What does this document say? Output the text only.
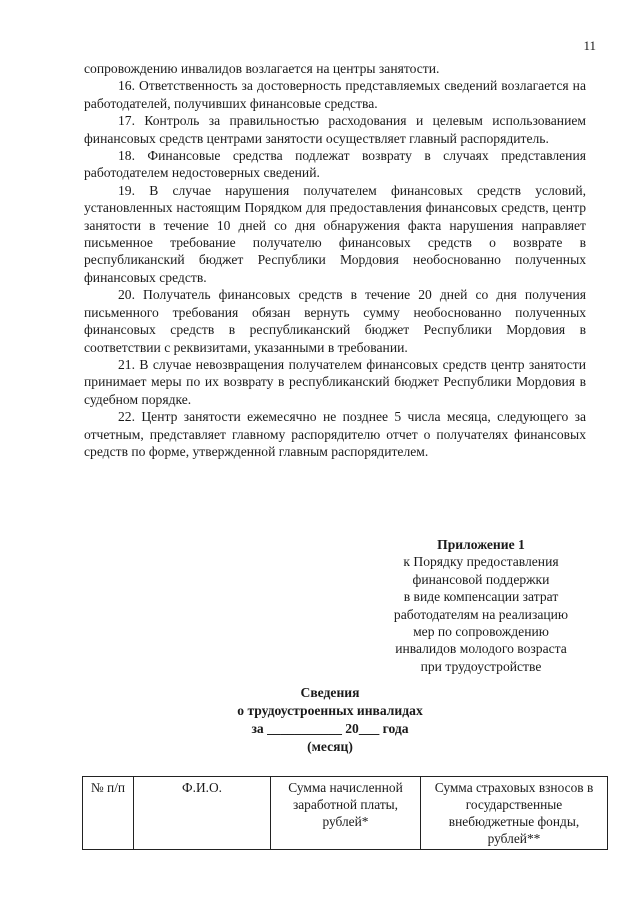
11

сопровождению инвалидов возлагается на центры занятости.

16. Ответственность за достоверность представляемых сведений возлагается на работодателей, получивших финансовые средства.

17. Контроль за правильностью расходования и целевым использованием финансовых средств центрами занятости осуществляет главный распорядитель.

18. Финансовые средства подлежат возврату в случаях представления работодателем недостоверных сведений.

19. В случае нарушения получателем финансовых средств условий, установленных настоящим Порядком для предоставления финансовых средств, центр занятости в течение 10 дней со дня обнаружения факта нарушения направляет письменное требование получателю финансовых средств о возврате в республиканский бюджет Республики Мордовия необоснованно полученных финансовых средств.

20. Получатель финансовых средств в течение 20 дней со дня получения письменного требования обязан вернуть сумму необоснованно полученных финансовых средств в республиканский бюджет Республики Мордовия в соответствии с реквизитами, указанными в требовании.

21. В случае невозвращения получателем финансовых средств центр занятости принимает меры по их возврату в республиканский бюджет Республики Мордовия в судебном порядке.

22. Центр занятости ежемесячно не позднее 5 числа месяца, следующего за отчетным, представляет главному распорядителю отчет о получателях финансовых средств по форме, утвержденной главным распорядителем.

Приложение 1
к Порядку предоставления
финансовой поддержки
в виде компенсации затрат
работодателям на реализацию
мер по сопровождению
инвалидов молодого возраста
при трудоустройстве
Сведения
о трудоустроенных инвалидах
за ___________ 20___ года
(месяц)
№ п/п	Ф.И.О.	Сумма начисленной заработной платы, рублей*	Сумма страховых взносов в государственные внебюджетные фонды, рублей**
